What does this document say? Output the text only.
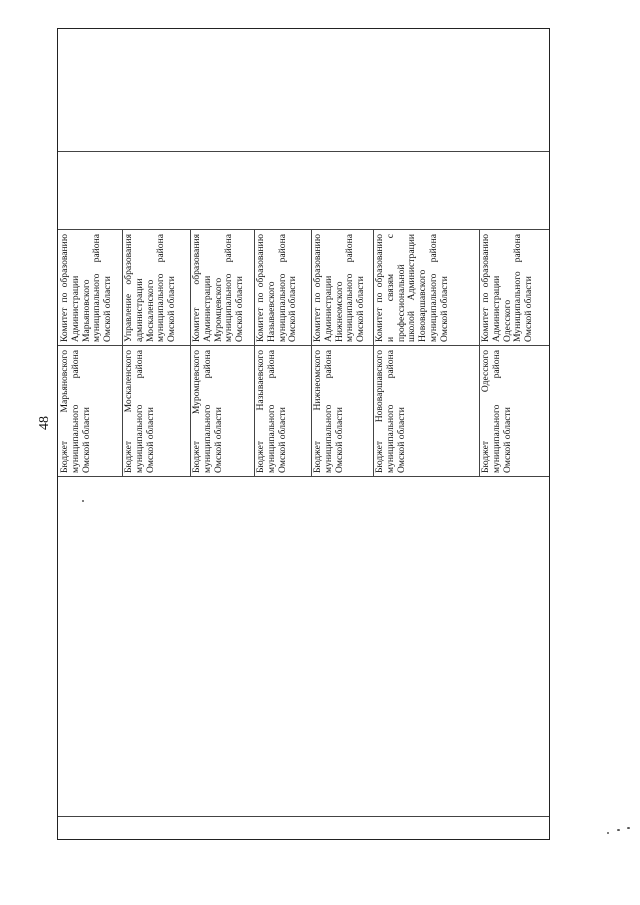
48 Бюджет Марьяновского муниципального района Омской области
Комитет по образованию Администрации Марьяновского муниципального района Омской области
Бюджет Москаленского муниципального района Омской области
Управление образования администрации Москаленского муниципального района Омской области
Бюджет Муромцевского муниципального района Омской области
Комитет образования Администрации Муромцевского муниципального района Омской области
Бюджет Называевского муниципального района Омской области
Комитет по образованию Называевского муниципального района Омской области
Бюджет Нижнеомского муниципального района Омской области
Комитет по образованию Администрации Нижнеомского муниципального района Омской области
Бюджет Нововаршавского муниципального района Омской области
Комитет по образованию и связям с профессиональной школой Администрации Нововаршавского муниципального района Омской области
Бюджет Одесского муниципального района Омской области
Комитет по образованию Администрации Одесского Муниципального района Омской области
